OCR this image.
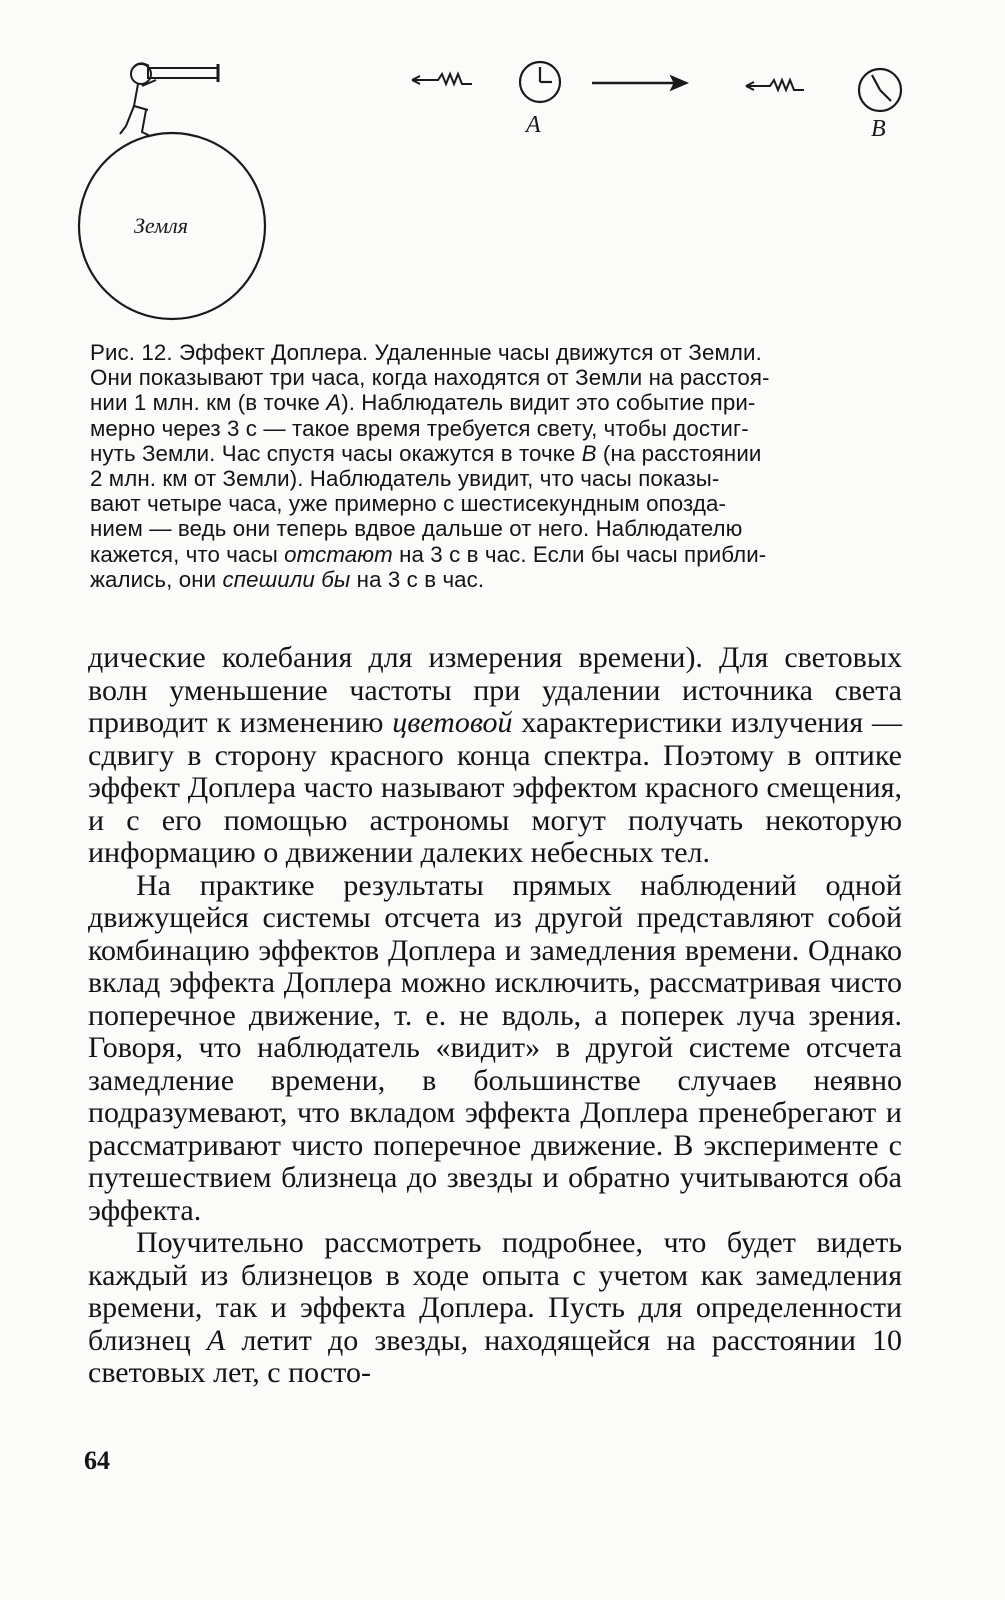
Земля
A	B

Рис. 12. Эффект Доплера. Удаленные часы движутся от Земли.

Они показывают три часа, когда находятся от Земли на расстоя-

нии 1 млн. км (в точке A). Наблюдатель видит это событие при-

мерно через 3 с — такое время требуется свету, чтобы достиг-

нуть Земли. Час спустя часы окажутся в точке B (на расстоянии

2 млн. км от Земли). Наблюдатель увидит, что часы показы-

вают четыре часа, уже примерно с шестисекундным опозда-

нием — ведь они теперь вдвое дальше от него. Наблюдателю

кажется, что часы отстают на 3 с в час. Если бы часы прибли-

жались, они спешили бы на 3 с в час.

дические колебания для измерения времени). Для световых волн уменьшение частоты при удалении источника света приводит к изменению цветовой характеристики излучения — сдвигу в сторону красного конца спектра. Поэтому в оптике эффект Доплера часто называют эффектом красного смещения, и с его помощью астрономы могут получать некоторую информацию о движении далеких небесных тел.

На практике результаты прямых наблюдений одной движущейся системы отсчета из другой представляют собой комбинацию эффектов Доплера и замедления времени. Однако вклад эффекта Доплера можно исключить, рассматривая чисто поперечное движение, т. е. не вдоль, а поперек луча зрения. Говоря, что наблюдатель «видит» в другой системе отсчета замедление времени, в большинстве случаев неявно подразумевают, что вкладом эффекта Доплера пренебрегают и рассматривают чисто поперечное движение. В эксперименте с путешествием близнеца до звезды и обратно учитываются оба эффекта.

Поучительно рассмотреть подробнее, что будет видеть каждый из близнецов в ходе опыта с учетом как замедления времени, так и эффекта Доплера. Пусть для определенности близнец A летит до звезды, находящейся на расстоянии 10 световых лет, с посто-

64
